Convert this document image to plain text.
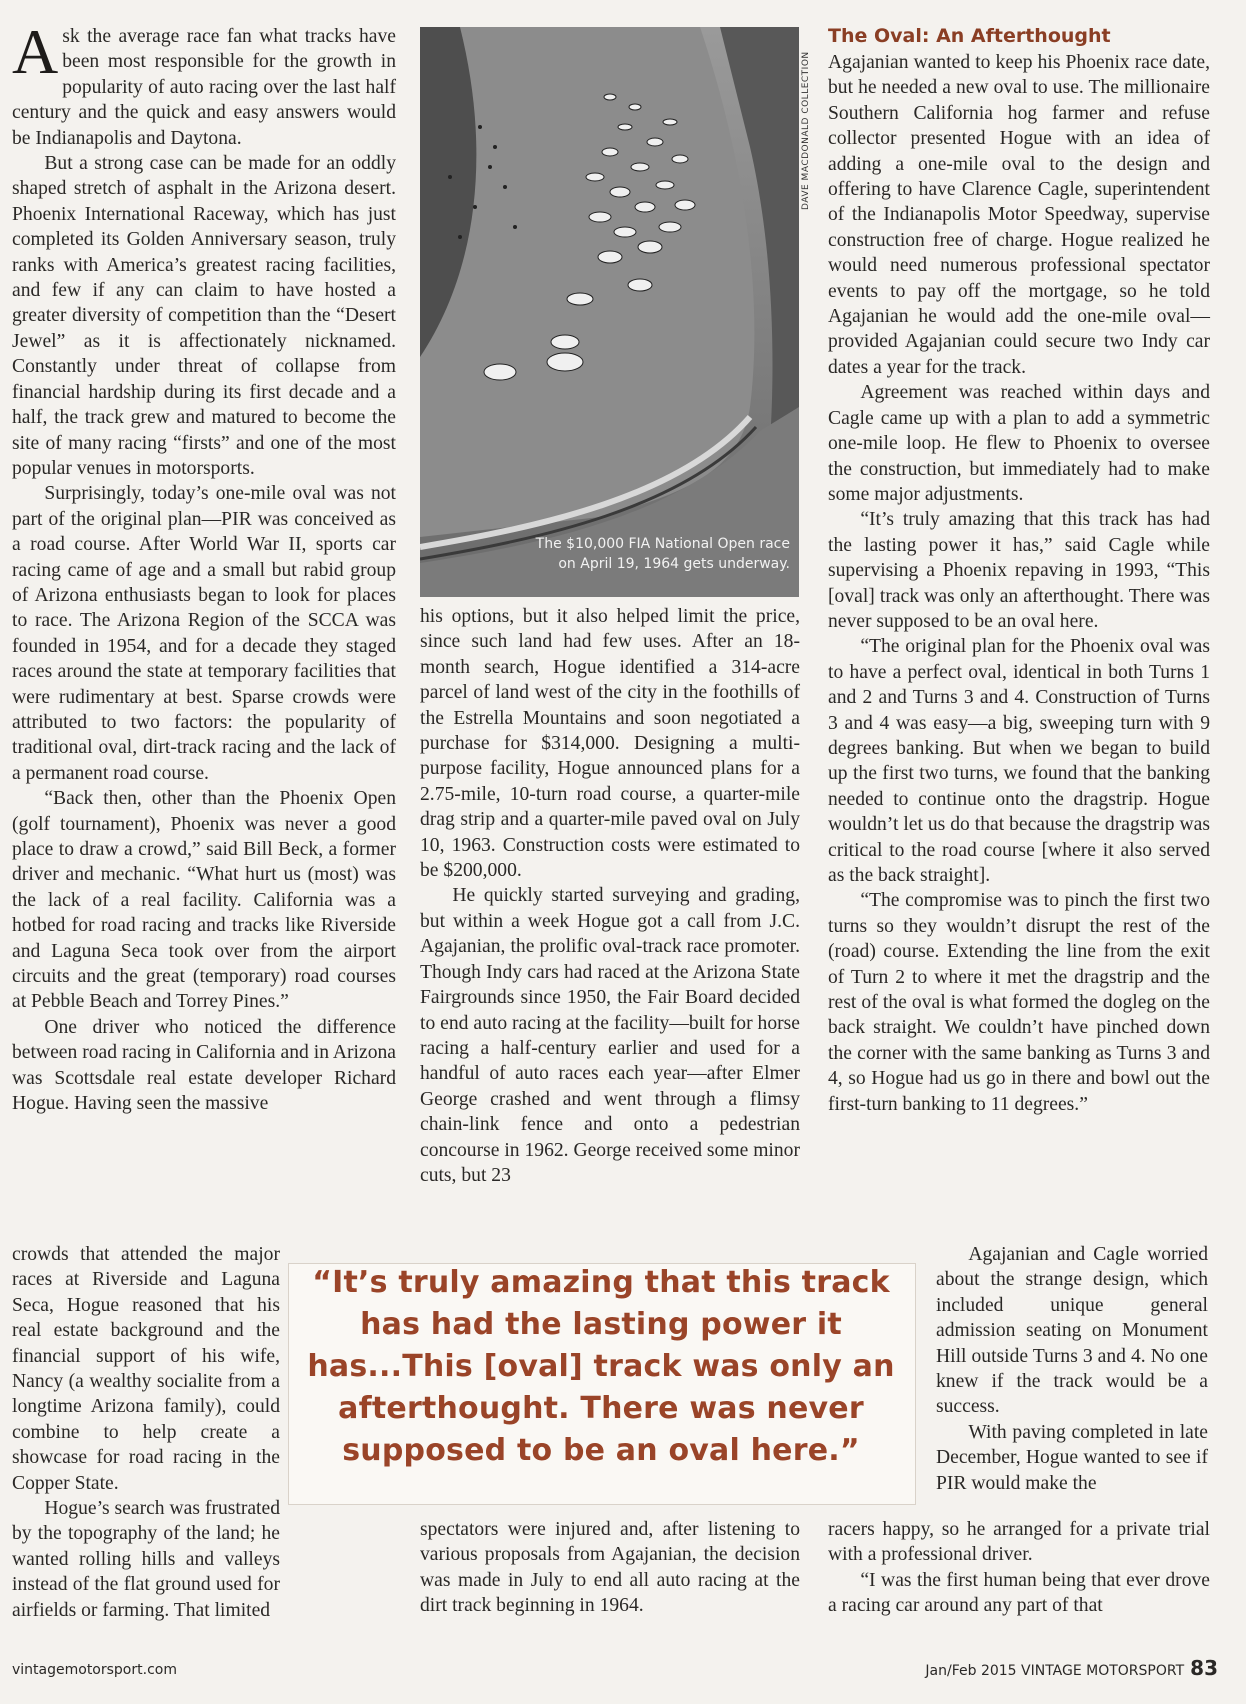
DAVE MACDONALD COLLECTION
The $10,000 FIA National Open race on April 19, 1964 gets underway.

Ask the average race fan what tracks have been most responsible for the growth in popularity of auto racing over the last half century and the quick and easy answers would be Indianapolis and Daytona.

But a strong case can be made for an oddly shaped stretch of asphalt in the Arizona desert. Phoenix International Raceway, which has just completed its Golden Anniversary season, truly ranks with America’s greatest racing facilities, and few if any can claim to have hosted a greater diversity of competition than the “Desert Jewel” as it is affectionately nicknamed. Constantly under threat of collapse from financial hardship during its first decade and a half, the track grew and matured to become the site of many racing “firsts” and one of the most popular venues in motorsports.

Surprisingly, today’s one-mile oval was not part of the original plan—PIR was conceived as a road course. After World War II, sports car racing came of age and a small but rabid group of Arizona enthusiasts began to look for places to race. The Arizona Region of the SCCA was founded in 1954, and for a decade they staged races around the state at temporary facilities that were rudimentary at best. Sparse crowds were attributed to two factors: the popularity of traditional oval, dirt-track racing and the lack of a permanent road course.

“Back then, other than the Phoenix Open (golf tournament), Phoenix was never a good place to draw a crowd,” said Bill Beck, a former driver and mechanic. “What hurt us (most) was the lack of a real facility. California was a hotbed for road racing and tracks like Riverside and Laguna Seca took over from the airport circuits and the great (temporary) road courses at Pebble Beach and Torrey Pines.”

One driver who noticed the difference between road racing in California and in Arizona was Scottsdale real estate developer Richard Hogue. Having seen the massive

crowds that attended the major races at Riverside and Laguna Seca, Hogue reasoned that his real estate background and the financial support of his wife, Nancy (a wealthy socialite from a longtime Arizona family), could combine to help create a showcase for road racing in the Copper State.

Hogue’s search was frustrated by the topography of the land; he wanted rolling hills and valleys instead of the flat ground used for airfields or farming. That limited

his options, but it also helped limit the price, since such land had few uses. After an 18-month search, Hogue identified a 314-acre parcel of land west of the city in the foothills of the Estrella Mountains and soon negotiated a purchase for $314,000. Designing a multi-purpose facility, Hogue announced plans for a 2.75-mile, 10-turn road course, a quarter-mile drag strip and a quarter-mile paved oval on July 10, 1963. Construction costs were estimated to be $200,000.

He quickly started surveying and grading, but within a week Hogue got a call from J.C. Agajanian, the prolific oval-track race promoter. Though Indy cars had raced at the Arizona State Fairgrounds since 1950, the Fair Board decided to end auto racing at the facility—built for horse racing a half-century earlier and used for a handful of auto races each year—after Elmer George crashed and went through a flimsy chain-link fence and onto a pedestrian concourse in 1962. George received some minor cuts, but 23

spectators were injured and, after listening to various proposals from Agajanian, the decision was made in July to end all auto racing at the dirt track beginning in 1964.

The Oval: An Afterthought

Agajanian wanted to keep his Phoenix race date, but he needed a new oval to use. The millionaire Southern California hog farmer and refuse collector presented Hogue with an idea of adding a one-mile oval to the design and offering to have Clarence Cagle, superintendent of the Indianapolis Motor Speedway, supervise construction free of charge. Hogue realized he would need numerous professional spectator events to pay off the mortgage, so he told Agajanian he would add the one-mile oval—provided Agajanian could secure two Indy car dates a year for the track.

Agreement was reached within days and Cagle came up with a plan to add a symmetric one-mile loop. He flew to Phoenix to oversee the construction, but immediately had to make some major adjustments.

“It’s truly amazing that this track has had the lasting power it has,” said Cagle while supervising a Phoenix repaving in 1993, “This [oval] track was only an afterthought. There was never supposed to be an oval here.

“The original plan for the Phoenix oval was to have a perfect oval, identical in both Turns 1 and 2 and Turns 3 and 4. Construction of Turns 3 and 4 was easy—a big, sweeping turn with 9 degrees banking. But when we began to build up the first two turns, we found that the banking needed to continue onto the dragstrip. Hogue wouldn’t let us do that because the dragstrip was critical to the road course [where it also served as the back straight].

“The compromise was to pinch the first two turns so they wouldn’t disrupt the rest of the (road) course. Extending the line from the exit of Turn 2 to where it met the dragstrip and the rest of the oval is what formed the dogleg on the back straight. We couldn’t have pinched down the corner with the same banking as Turns 3 and 4, so Hogue had us go in there and bowl out the first-turn banking to 11 degrees.”

Agajanian and Cagle worried about the strange design, which included unique general admission seating on Monument Hill outside Turns 3 and 4. No one knew if the track would be a success.

With paving completed in late December, Hogue wanted to see if PIR would make the

racers happy, so he arranged for a private trial with a professional driver.

“I was the first human being that ever drove a racing car around any part of that

“It’s truly amazing that this track has had the lasting power it has...This [oval] track was only an afterthought. There was never supposed to be an oval here.”
vintagemotorsport.com	Jan/Feb 2015 VINTAGE MOTORSPORT 83
